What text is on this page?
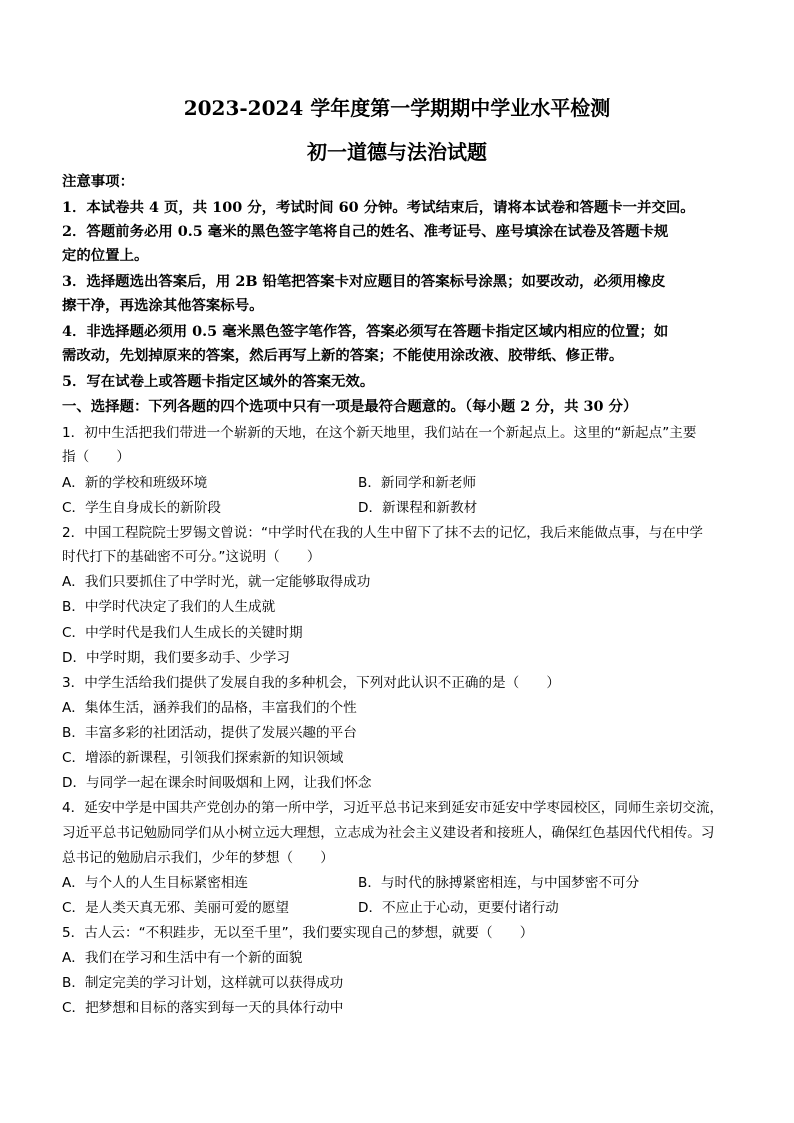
2023-2024 学年度第一学期期中学业水平检测
初一道德与法治试题
注意事项：
1．本试卷共 4 页，共 100 分，考试时间 60 分钟。考试结束后，请将本试卷和答题卡一并交回。
2．答题前务必用 0.5 毫米的黑色签字笔将自己的姓名、准考证号、座号填涂在试卷及答题卡规
定的位置上。
3．选择题选出答案后，用 2B 铅笔把答案卡对应题目的答案标号涂黑；如要改动，必须用橡皮
擦干净，再选涂其他答案标号。
4．非选择题必须用 0.5 毫米黑色签字笔作答，答案必须写在答题卡指定区域内相应的位置；如
需改动，先划掉原来的答案，然后再写上新的答案；不能使用涂改液、胶带纸、修正带。
5．写在试卷上或答题卡指定区域外的答案无效。
一、选择题：下列各题的四个选项中只有一项是最符合题意的。（每小题 2 分，共 30 分）
1．初中生活把我们带进一个崭新的天地，在这个新天地里，我们站在一个新起点上。这里的“新起点”主要
指（　　）
A．新的学校和班级环境	B．新同学和新老师
C．学生自身成长的新阶段	D．新课程和新教材
2．中国工程院院士罗锡文曾说：“中学时代在我的人生中留下了抹不去的记忆，我后来能做点事，与在中学
时代打下的基础密不可分。”这说明（　　）
A．我们只要抓住了中学时光，就一定能够取得成功
B．中学时代决定了我们的人生成就
C．中学时代是我们人生成长的关键时期
D．中学时期，我们要多动手、少学习
3．中学生活给我们提供了发展自我的多种机会，下列对此认识不正确的是（　　）
A．集体生活，涵养我们的品格，丰富我们的个性
B．丰富多彩的社团活动，提供了发展兴趣的平台
C．增添的新课程，引领我们探索新的知识领域
D．与同学一起在课余时间吸烟和上网，让我们怀念
4．延安中学是中国共产党创办的第一所中学，习近平总书记来到延安市延安中学枣园校区，同师生亲切交流，
习近平总书记勉励同学们从小树立远大理想，立志成为社会主义建设者和接班人，确保红色基因代代相传。习
总书记的勉励启示我们，少年的梦想（　　）
A．与个人的人生目标紧密相连	B．与时代的脉搏紧密相连，与中国梦密不可分
C．是人类天真无邪、美丽可爱的愿望	D．不应止于心动，更要付诸行动
5．古人云：“不积跬步，无以至千里”，我们要实现自己的梦想，就要（　　）
A．我们在学习和生活中有一个新的面貌
B．制定完美的学习计划，这样就可以获得成功
C．把梦想和目标的落实到每一天的具体行动中
